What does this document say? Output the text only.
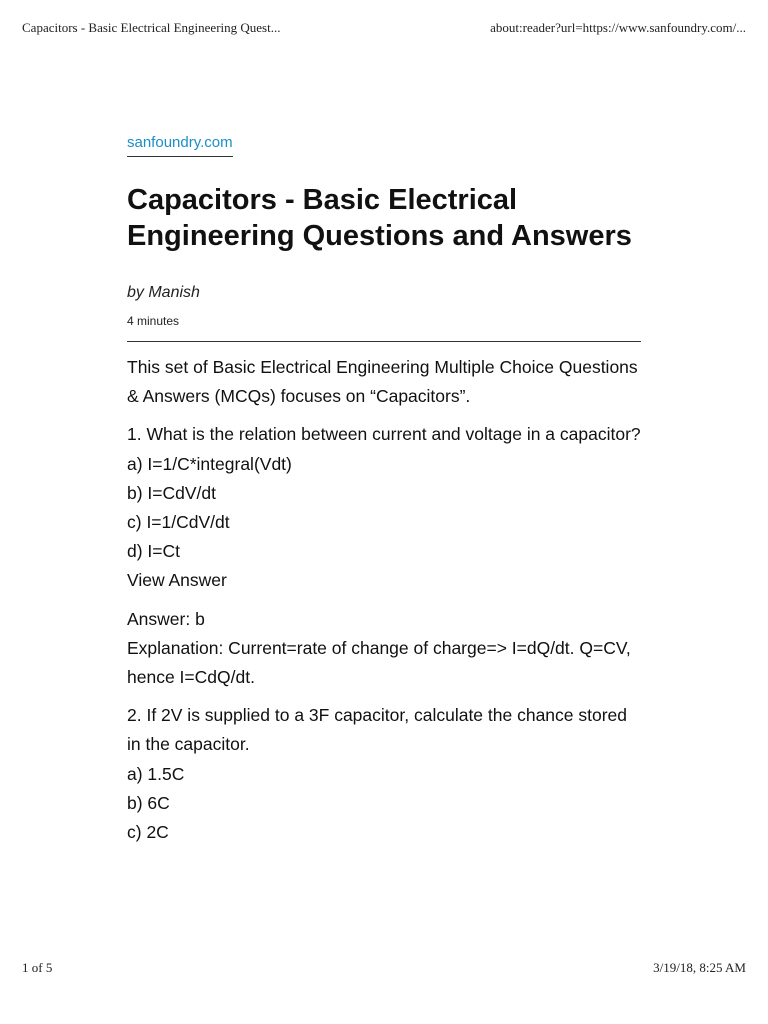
Capacitors - Basic Electrical Engineering Quest...	about:reader?url=https://www.sanfoundry.com/...
sanfoundry.com
Capacitors - Basic Electrical Engineering Questions and Answers
by Manish
4 minutes

This set of Basic Electrical Engineering Multiple Choice Questions & Answers (MCQs) focuses on “Capacitors”.

1. What is the relation between current and voltage in a capacitor?
a) I=1/C*integral(Vdt)
b) I=CdV/dt
c) I=1/CdV/dt
d) I=Ct
View Answer

Answer: b
Explanation: Current=rate of change of charge=> I=dQ/dt. Q=CV, hence I=CdQ/dt.

2. If 2V is supplied to a 3F capacitor, calculate the chance stored in the capacitor.
a) 1.5C
b) 6C
c) 2C

1 of 5	3/19/18, 8:25 AM
